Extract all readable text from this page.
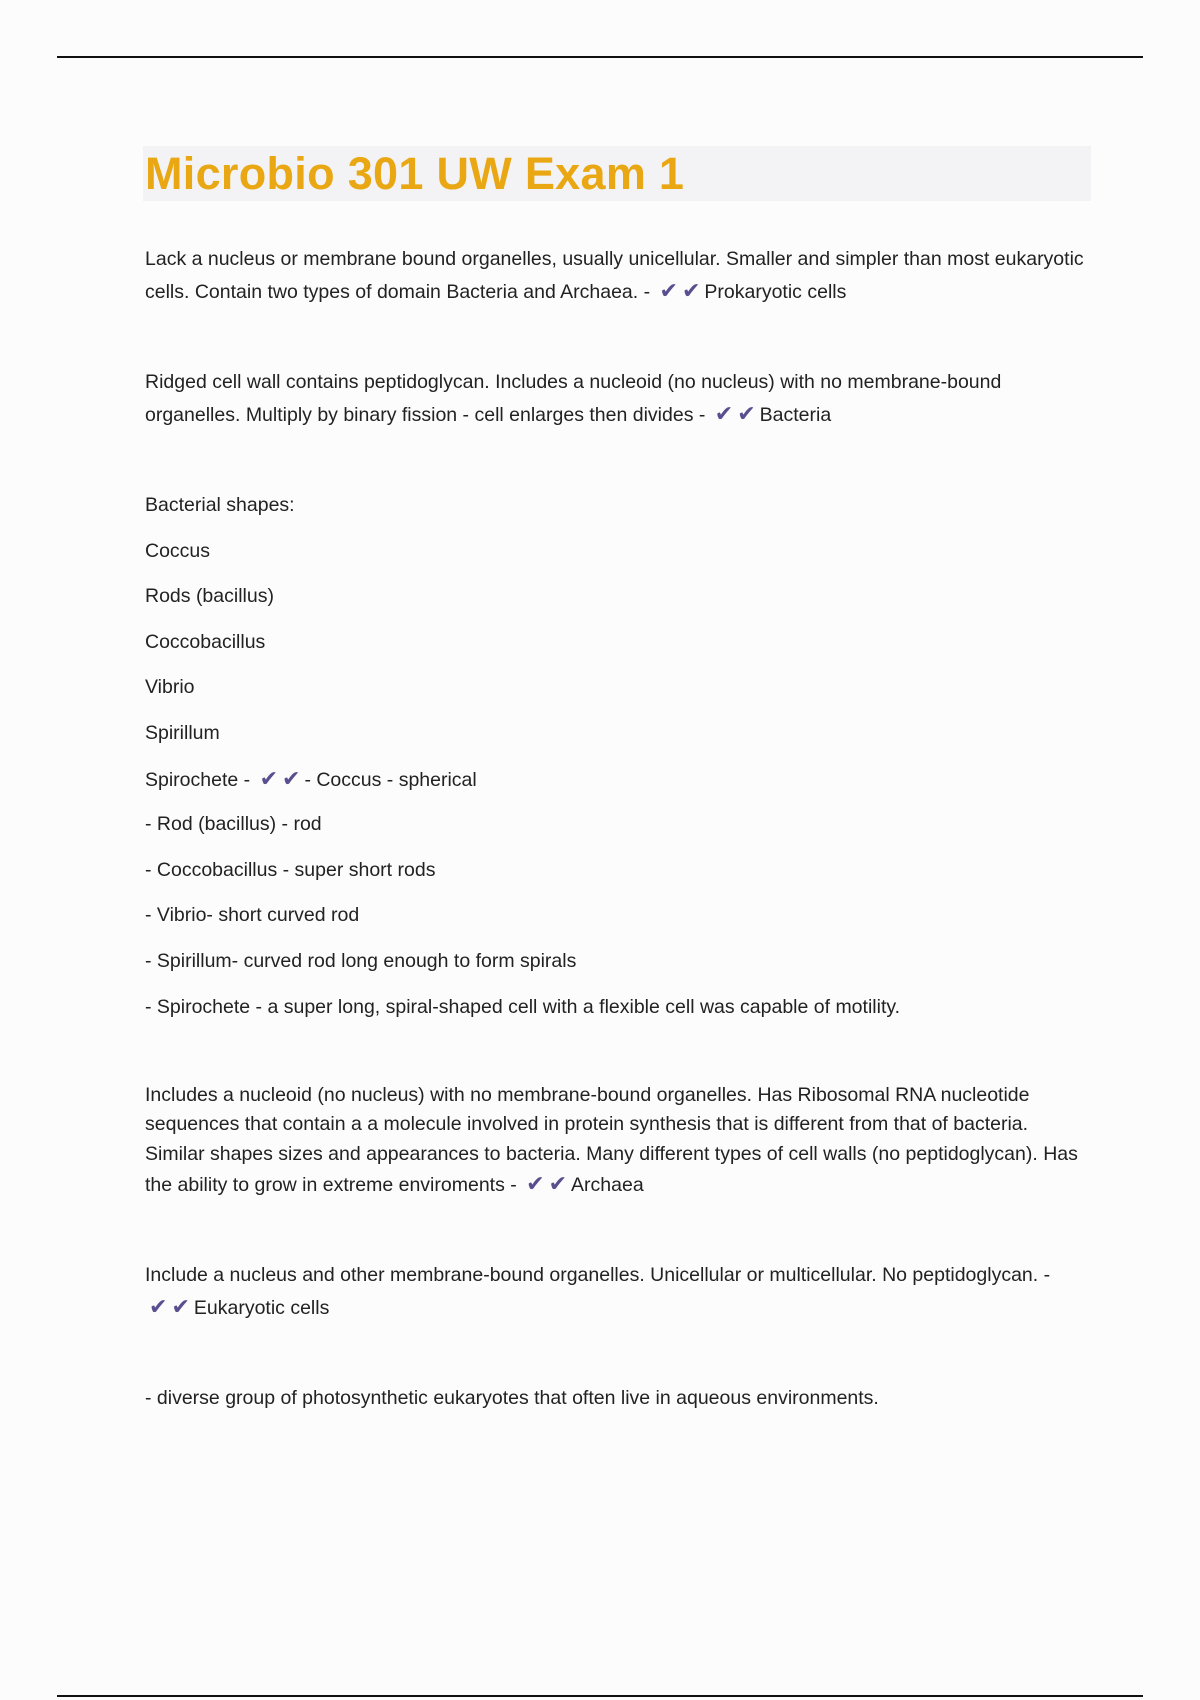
Microbio 301 UW Exam 1

Lack a nucleus or membrane bound organelles, usually unicellular. Smaller and simpler than most eukaryotic cells. Contain two types of domain Bacteria and Archaea. - ✔ ✔ Prokaryotic cells

Ridged cell wall contains peptidoglycan. Includes a nucleoid (no nucleus) with no membrane-bound organelles. Multiply by binary fission - cell enlarges then divides - ✔ ✔ Bacteria

Bacterial shapes:

Coccus

Rods (bacillus)

Coccobacillus

Vibrio

Spirillum

Spirochete - ✔ ✔ - Coccus - spherical

- Rod (bacillus) - rod

- Coccobacillus - super short rods

- Vibrio- short curved rod

- Spirillum- curved rod long enough to form spirals

- Spirochete - a super long, spiral-shaped cell with a flexible cell was capable of motility.

Includes a nucleoid (no nucleus) with no membrane-bound organelles. Has Ribosomal RNA nucleotide sequences that contain a a molecule involved in protein synthesis that is different from that of bacteria. Similar shapes sizes and appearances to bacteria. Many different types of cell walls (no peptidoglycan). Has the ability to grow in extreme enviroments - ✔ ✔ Archaea

Include a nucleus and other membrane-bound organelles. Unicellular or multicellular. No peptidoglycan. - ✔ ✔ Eukaryotic cells

- diverse group of photosynthetic eukaryotes that often live in aqueous environments.
